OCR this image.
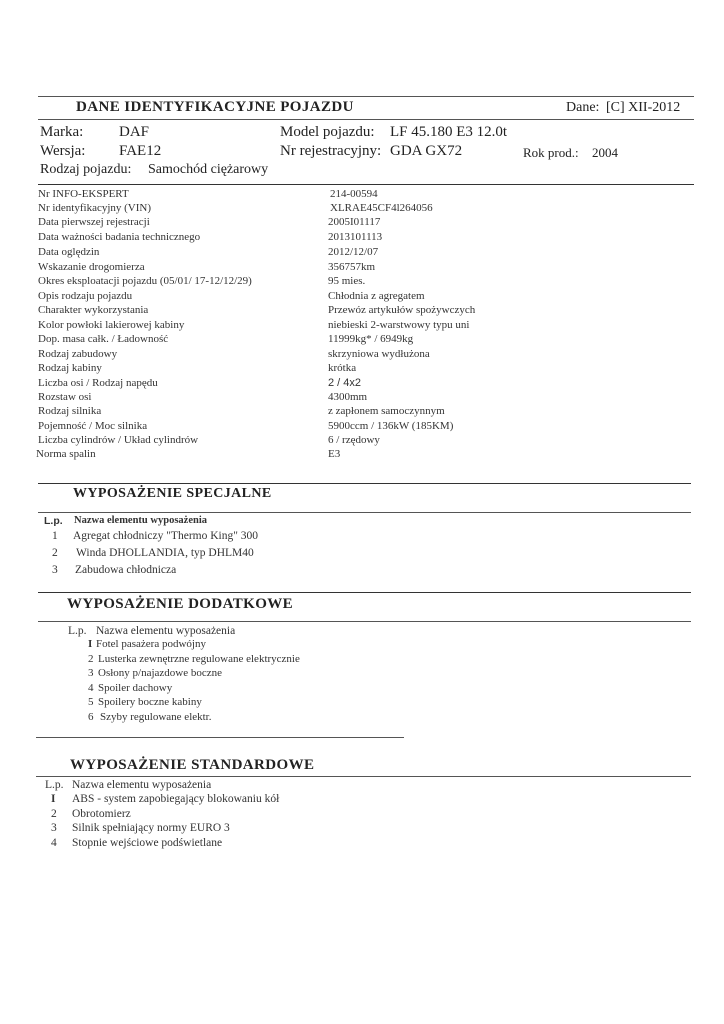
DANE IDENTYFIKACYJNE POJAZDU	Dane: [C] XII-2012
Marka: DAF	Model pojazdu: LF 45.180 E3 12.0t
Wersja: FAE12	Nr rejestracyjny: GDA GX72	Rok prod.: 2004
Rodzaj pojazdu: Samochód ciężarowy
Nr INFO-EKSPERT	214-00594
Nr identyfikacyjny (VIN)	XLRAE45CF4l264056
Data pierwszej rejestracji	2005I01117
Data ważności badania technicznego	2013101113
Data oględzin	2012/12/07
Wskazanie drogomierza	356757km
Okres eksploatacji pojazdu (05/01/ 17-12/12/29)	95 mies.
Opis rodzaju pojazdu	Chłodnia z agregatem
Charakter wykorzystania	Przewóz artykułów spożywczych
Kolor powłoki lakierowej kabiny	niebieski 2-warstwowy typu uni
Dop. masa całk. / Ładowność	11999kg* / 6949kg
Rodzaj zabudowy	skrzyniowa wydłużona
Rodzaj kabiny	krótka
Liczba osi / Rodzaj napędu	2 / 4x2
Rozstaw osi	4300mm
Rodzaj silnika	z zapłonem samoczynnym
Pojemność / Moc silnika	5900ccm / 136kW (185KM)
Liczba cylindrów / Układ cylindrów	6 / rzędowy
Norma spalin	E3
WYPOSAŻENIE SPECJALNE
L.p. Nazwa elementu wyposażenia
1 Agregat chłodniczy "Thermo King" 300
2 Winda DHOLLANDIA, typ DHLM40
3 Zabudowa chłodnicza
WYPOSAŻENIE DODATKOWE
L.p. Nazwa elementu wyposażenia
I Fotel pasażera podwójny
2 Lusterka zewnętrzne regulowane elektrycznie
3 Osłony p/najazdowe boczne
4 Spoiler dachowy
5 Spoilery boczne kabiny
6 Szyby regulowane elektr.
WYPOSAŻENIE STANDARDOWE
L.p. Nazwa elementu wyposażenia
I ABS - system zapobiegający blokowaniu kół
2 Obrotomierz
3 Silnik spełniający normy EURO 3
4 Stopnie wejściowe podświetlane
